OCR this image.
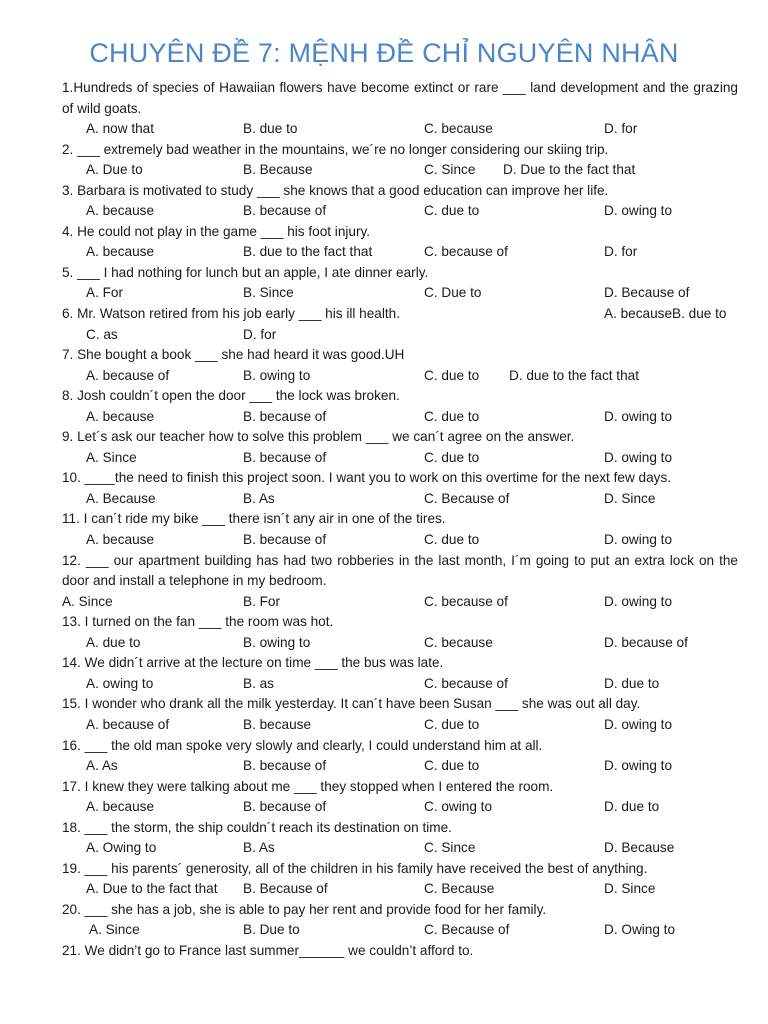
CHUYÊN ĐỀ 7: MỆNH ĐỀ CHỈ NGUYÊN NHÂN

1.Hundreds of species of Hawaiian flowers have become extinct or rare ___ land development and the grazing of wild goats.

A. now that	B. due to	C. because	D. for

2. ___ extremely bad weather in the mountains, we´re no longer considering our skiing trip.

A. Due to	B. Because	C. Since D. Due to the fact that

3. Barbara is motivated to study ___ she knows that a good education can improve her life.

A. because	B. because of	C. due to	D. owing to

4. He could not play in the game ___ his foot injury.

A. because	B. due to the fact that	C. because of	D. for

5. ___ I had nothing for lunch but an apple, I ate dinner early.

A. For	B. Since	C. Due to	D. Because of

6. Mr. Watson retired from his job early ___ his ill health.	A. becauseB. due to
C. as	D. for

7. She bought a book ___ she had heard it was good.UH

A. because of	B. owing to	C. due to D. due to the fact that

8. Josh couldn´t open the door ___ the lock was broken.

A. because	B. because of	C. due to	D. owing to

9. Let´s ask our teacher how to solve this problem ___ we can´t agree on the answer.

A. Since	B. because of	C. due to	D. owing to

10. ____the need to finish this project soon. I want you to work on this overtime for the next few days.

A. Because	B. As	C. Because of	D. Since

11. I can´t ride my bike ___ there isn´t any air in one of the tires.

A. because	B. because of	C. due to	D. owing to

12. ___ our apartment building has had two robberies in the last month, I´m going to put an extra lock on the door and install a telephone in my bedroom.

A. Since	B. For	C. because of	D. owing to

13. I turned on the fan ___ the room was hot.

A. due to	B. owing to	C. because	D. because of

14. We didn´t arrive at the lecture on time ___ the bus was late.

A. owing to	B. as	C. because of	D. due to

15. I wonder who drank all the milk yesterday. It can´t have been Susan ___ she was out all day.

A. because of	B. because	C. due to	D. owing to

16. ___ the old man spoke very slowly and clearly, I could understand him at all.

A. As	B. because of	C. due to	D. owing to

17. I knew they were talking about me ___ they stopped when I entered the room.

A. because	B. because of	C. owing to	D. due to

18. ___ the storm, the ship couldn´t reach its destination on time.

A. Owing to	B. As	C. Since	D. Because

19. ___ his parents´ generosity, all of the children in his family have received the best of anything.

A. Due to the fact that B. Because of	C. Because	D. Since

20. ___ she has a job, she is able to pay her rent and provide food for her family.

A. Since	B. Due to	C. Because of	D. Owing to

21. We didn’t go to France last summer______ we couldn’t afford to.
